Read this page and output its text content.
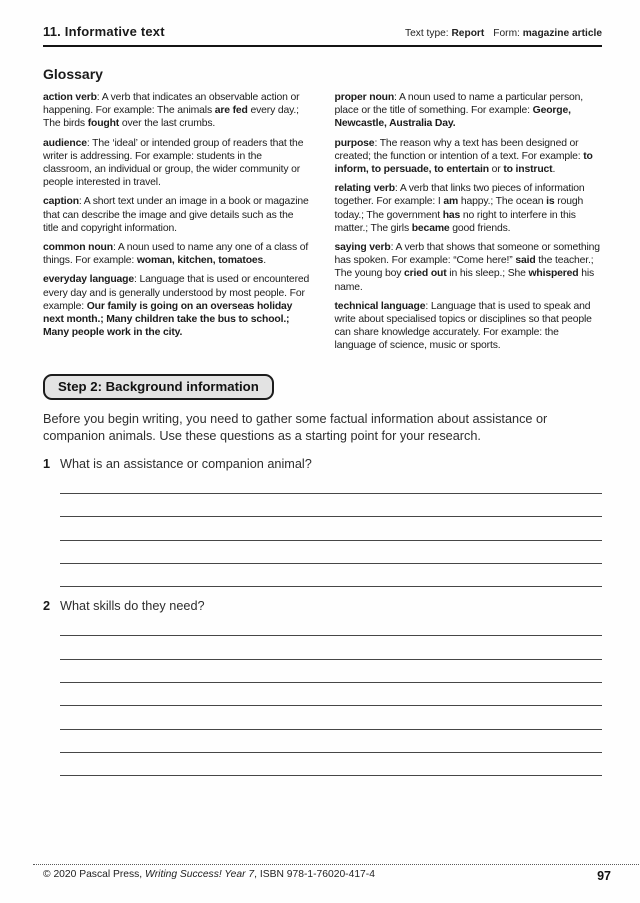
11. Informative text	Text type: Report Form: magazine article
Glossary

action verb: A verb that indicates an observable action or happening. For example: The animals are fed every day.; The birds fought over the last crumbs.

audience: The ‘ideal’ or intended group of readers that the writer is addressing. For example: students in the classroom, an individual or group, the wider community or people interested in travel.

caption: A short text under an image in a book or magazine that can describe the image and give details such as the title and copyright information.

common noun: A noun used to name any one of a class of things. For example: woman, kitchen, tomatoes.

everyday language: Language that is used or encountered every day and is generally understood by most people. For example: Our family is going on an overseas holiday next month.; Many children take the bus to school.; Many people work in the city.

proper noun: A noun used to name a particular person, place or the title of something. For example: George, Newcastle, Australia Day.

purpose: The reason why a text has been designed or created; the function or intention of a text. For example: to inform, to persuade, to entertain or to instruct.

relating verb: A verb that links two pieces of information together. For example: I am happy.; The ocean is rough today.; The government has no right to interfere in this matter.; The girls became good friends.

saying verb: A verb that shows that someone or something has spoken. For example: “Come here!” said the teacher.; The young boy cried out in his sleep.; She whispered his name.

technical language: Language that is used to speak and write about specialised topics or disciplines so that people can share knowledge accurately. For example: the language of science, music or sports.

Step 2: Background information

Before you begin writing, you need to gather some factual information about assistance or companion animals. Use these questions as a starting point for your research.

1 What is an assistance or companion animal?
2 What skills do they need?
© 2020 Pascal Press, Writing Success! Year 7, ISBN 978-1-76020-417-4	97
